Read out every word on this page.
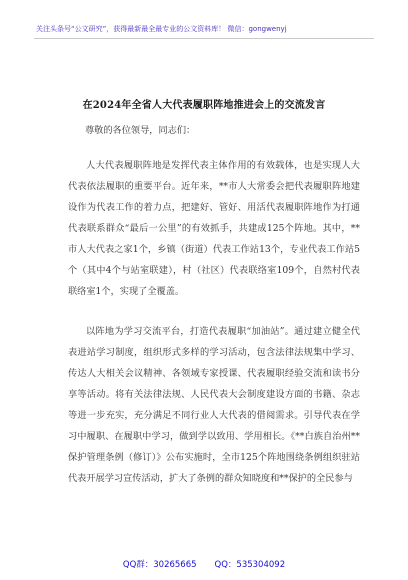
关注头条号“公文研究”，获得最新最全最专业的公文资料库！ 微信：gongwenyj
在2024年全省人大代表履职阵地推进会上的交流发言
尊敬的各位领导，同志们：
人大代表履职阵地是发挥代表主体作用的有效载体，也是实现人大代表依法履职的重要平台。近年来，**市人大常委会把代表履职阵地建设作为代表工作的着力点，把建好、管好、用活代表履职阵地作为打通代表联系群众“最后一公里”的有效抓手，共建成125个阵地。其中，**市人大代表之家1个，乡镇（街道）代表工作站13个，专业代表工作站5个（其中4个与站室联建），村（社区）代表联络室109个，自然村代表联络室1个，实现了全覆盖。
以阵地为学习交流平台，打造代表履职“加油站”。通过建立健全代表进站学习制度，组织形式多样的学习活动，包含法律法规集中学习、传达人大相关会议精神、各领域专家授课、代表履职经验交流和读书分享等活动。将有关法律法规、人民代表大会制度建设方面的书籍、杂志等进一步充实，充分满足不同行业人大代表的借阅需求。引导代表在学习中履职、在履职中学习，做到学以致用、学用相长。《**白族自治州**保护管理条例（修订）》公布实施时，全市125个阵地围绕条例组织驻站代表开展学习宣传活动，扩大了条例的群众知晓度和**保护的全民参与
QQ群：30265665 QQ：535304092
